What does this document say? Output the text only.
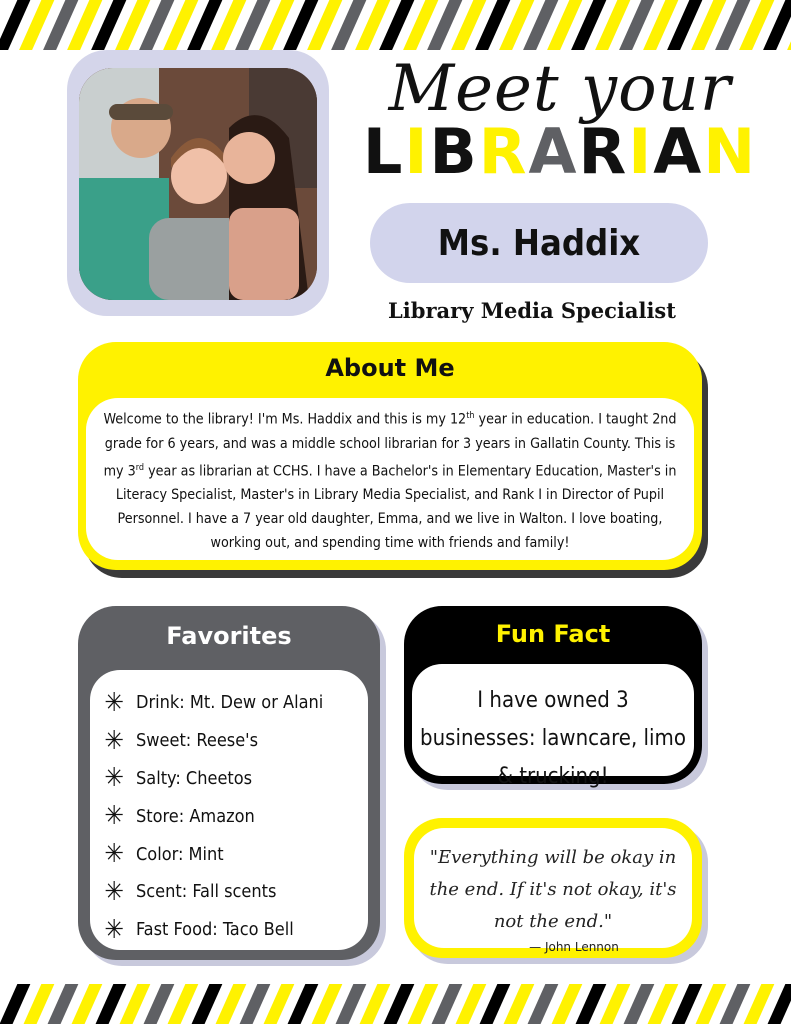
Meet your
L I B R A R I A N
Ms. Haddix
Library Media Specialist
About Me
Welcome to the library! I'm Ms. Haddix and this is my 12th year in education. I taught 2nd grade for 6 years, and was a middle school librarian for 3 years in Gallatin County. This is my 3rd year as librarian at CCHS. I have a Bachelor's in Elementary Education, Master's in Literacy Specialist, Master's in Library Media Specialist, and Rank I in Director of Pupil Personnel. I have a 7 year old daughter, Emma, and we live in Walton. I love boating, working out, and spending time with friends and family!
Favorites
✳ Drink: Mt. Dew or Alani
✳ Sweet: Reese's
✳ Salty: Cheetos
✳ Store: Amazon
✳ Color: Mint
✳ Scent: Fall scents
✳ Fast Food: Taco Bell
Fun Fact
I have owned 3 businesses: lawncare, limo & trucking!
"Everything will be okay in the end. If it's not okay, it's not the end."
— John Lennon
